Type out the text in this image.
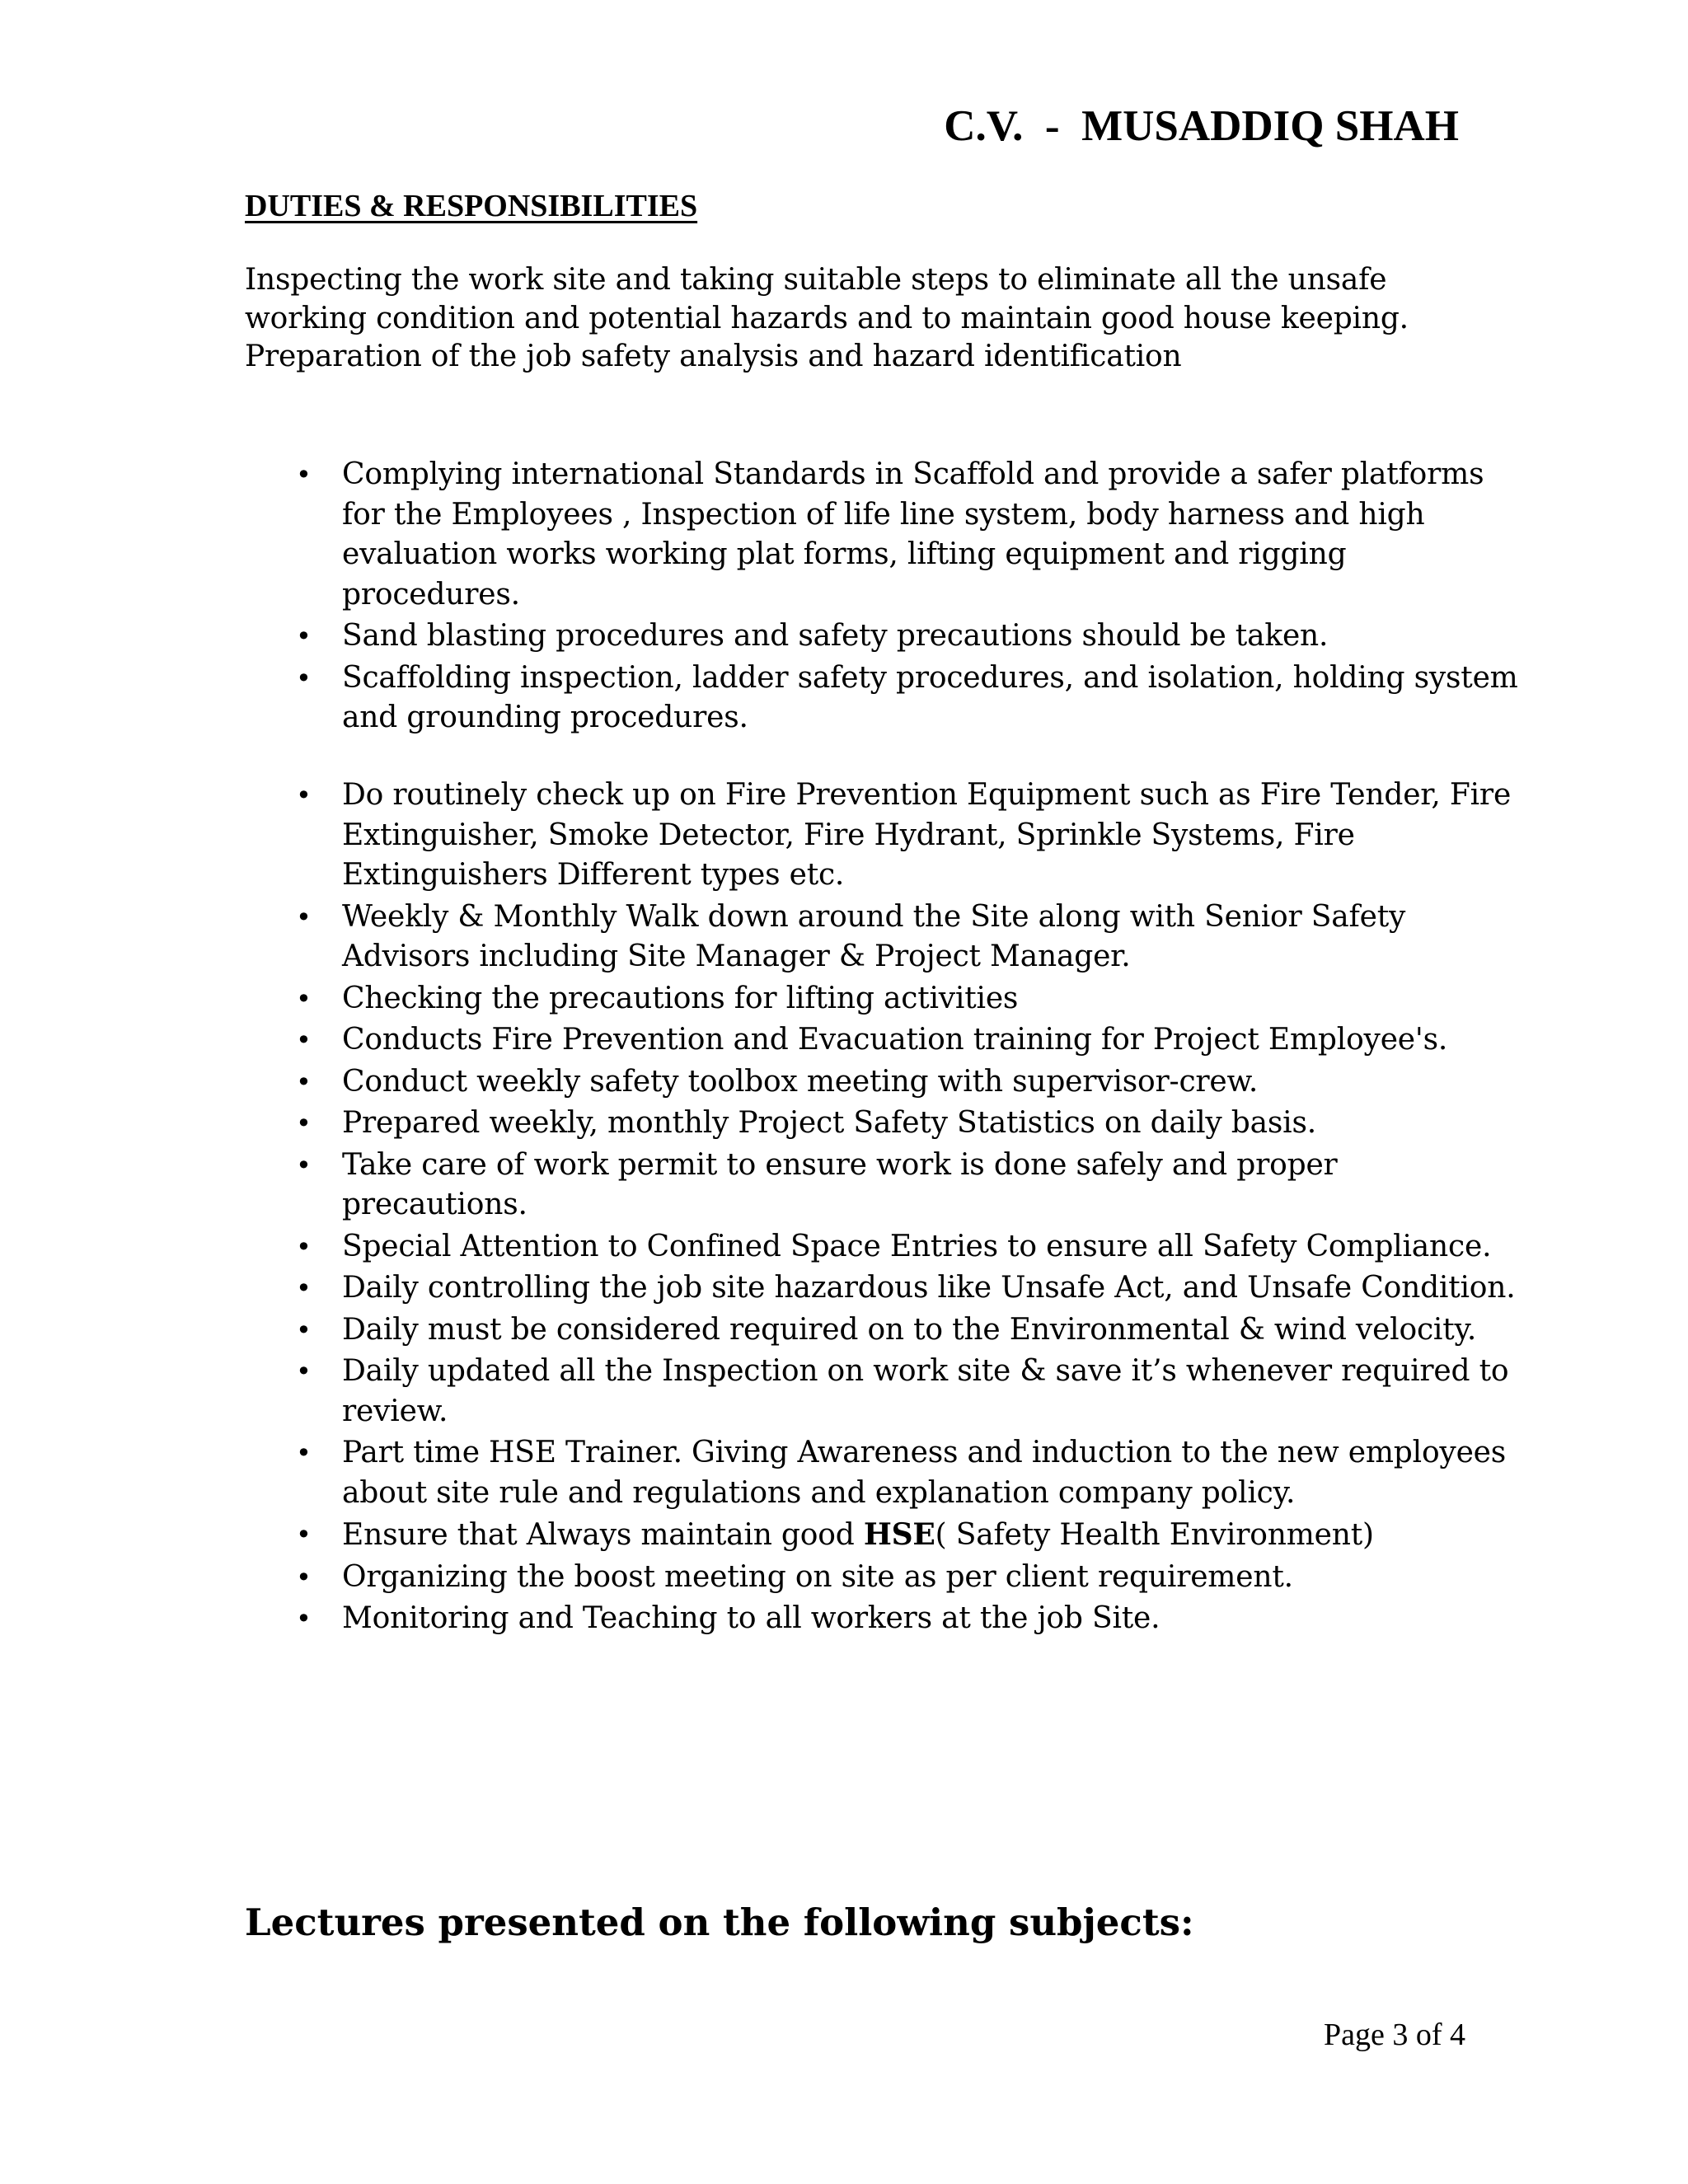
C.V.  -  MUSADDIQ SHAH
DUTIES & RESPONSIBILITIES

Inspecting the work site and taking suitable steps to eliminate all the unsafe working condition and potential hazards and to maintain good house keeping. Preparation of the job safety analysis and hazard identification

• Complying international Standards in Scaffold and provide a safer platforms for the Employees , Inspection of life line system, body harness and high evaluation works working plat forms, lifting equipment and rigging procedures.
• Sand blasting procedures and safety precautions should be taken.
• Scaffolding inspection, ladder safety procedures, and isolation, holding system and grounding procedures.
• Do routinely check up on Fire Prevention Equipment such as Fire Tender, Fire Extinguisher, Smoke Detector, Fire Hydrant, Sprinkle Systems, Fire Extinguishers Different types etc.
• Weekly & Monthly Walk down around the Site along with Senior Safety Advisors including Site Manager & Project Manager.
• Checking the precautions for lifting activities
• Conducts Fire Prevention and Evacuation training for Project Employee's.
• Conduct weekly safety toolbox meeting with supervisor-crew.
• Prepared weekly, monthly Project Safety Statistics on daily basis.
• Take care of work permit to ensure work is done safely and proper precautions.
• Special Attention to Confined Space Entries to ensure all Safety Compliance.
• Daily controlling the job site hazardous like Unsafe Act, and Unsafe Condition.
• Daily must be considered required on to the Environmental & wind velocity.
• Daily updated all the Inspection on work site & save it’s whenever required to review.
• Part time HSE Trainer. Giving Awareness and induction to the new employees about site rule and regulations and explanation company policy.
• Ensure that Always maintain good HSE( Safety Health Environment)
• Organizing the boost meeting on site as per client requirement.
• Monitoring and Teaching to all workers at the job Site.
Lectures presented on the following subjects:

Page 3 of 4
